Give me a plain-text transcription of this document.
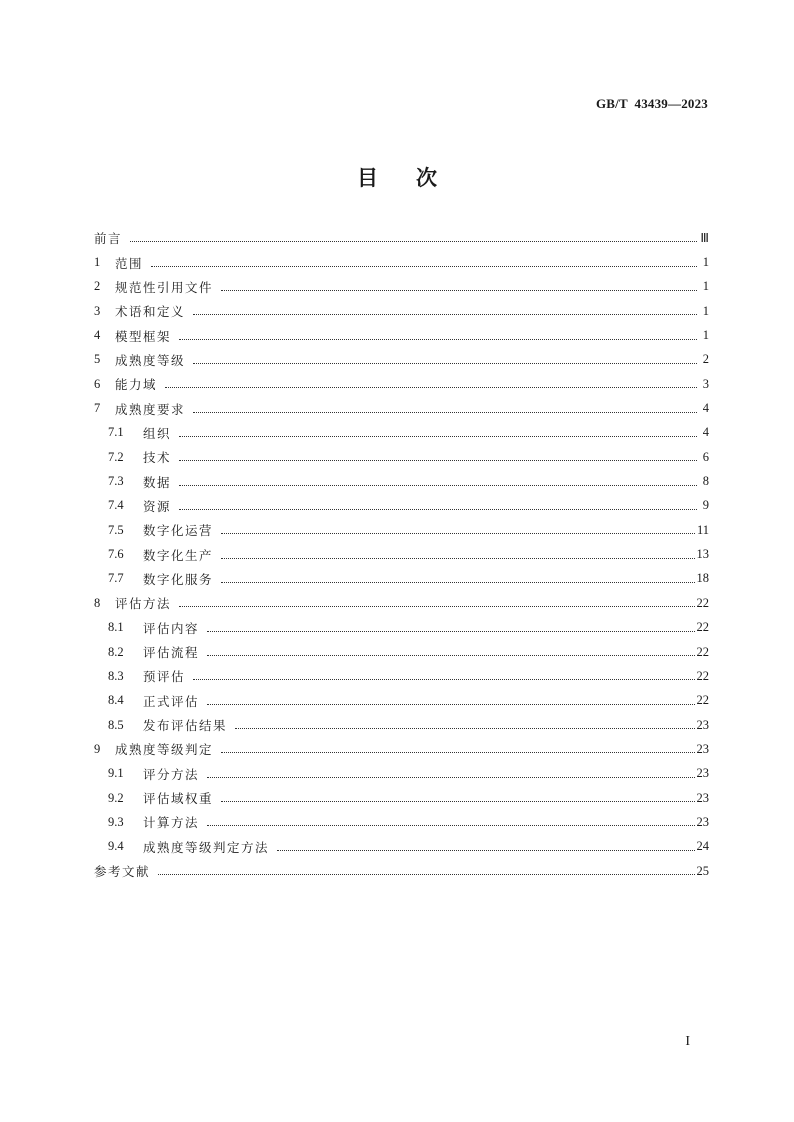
GB/T  43439—2023
目 次
前言	Ⅲ
1	范围	1
2	规范性引用文件	1
3	术语和定义	1
4	模型框架	1
5	成熟度等级	2
6	能力域	3
7	成熟度要求	4
7.1	组织	4
7.2	技术	6
7.3	数据	8
7.4	资源	9
7.5	数字化运营	11
7.6	数字化生产	13
7.7	数字化服务	18
8	评估方法	22
8.1	评估内容	22
8.2	评估流程	22
8.3	预评估	22
8.4	正式评估	22
8.5	发布评估结果	23
9	成熟度等级判定	23
9.1	评分方法	23
9.2	评估域权重	23
9.3	计算方法	23
9.4	成熟度等级判定方法	24
参考文献	25
I
